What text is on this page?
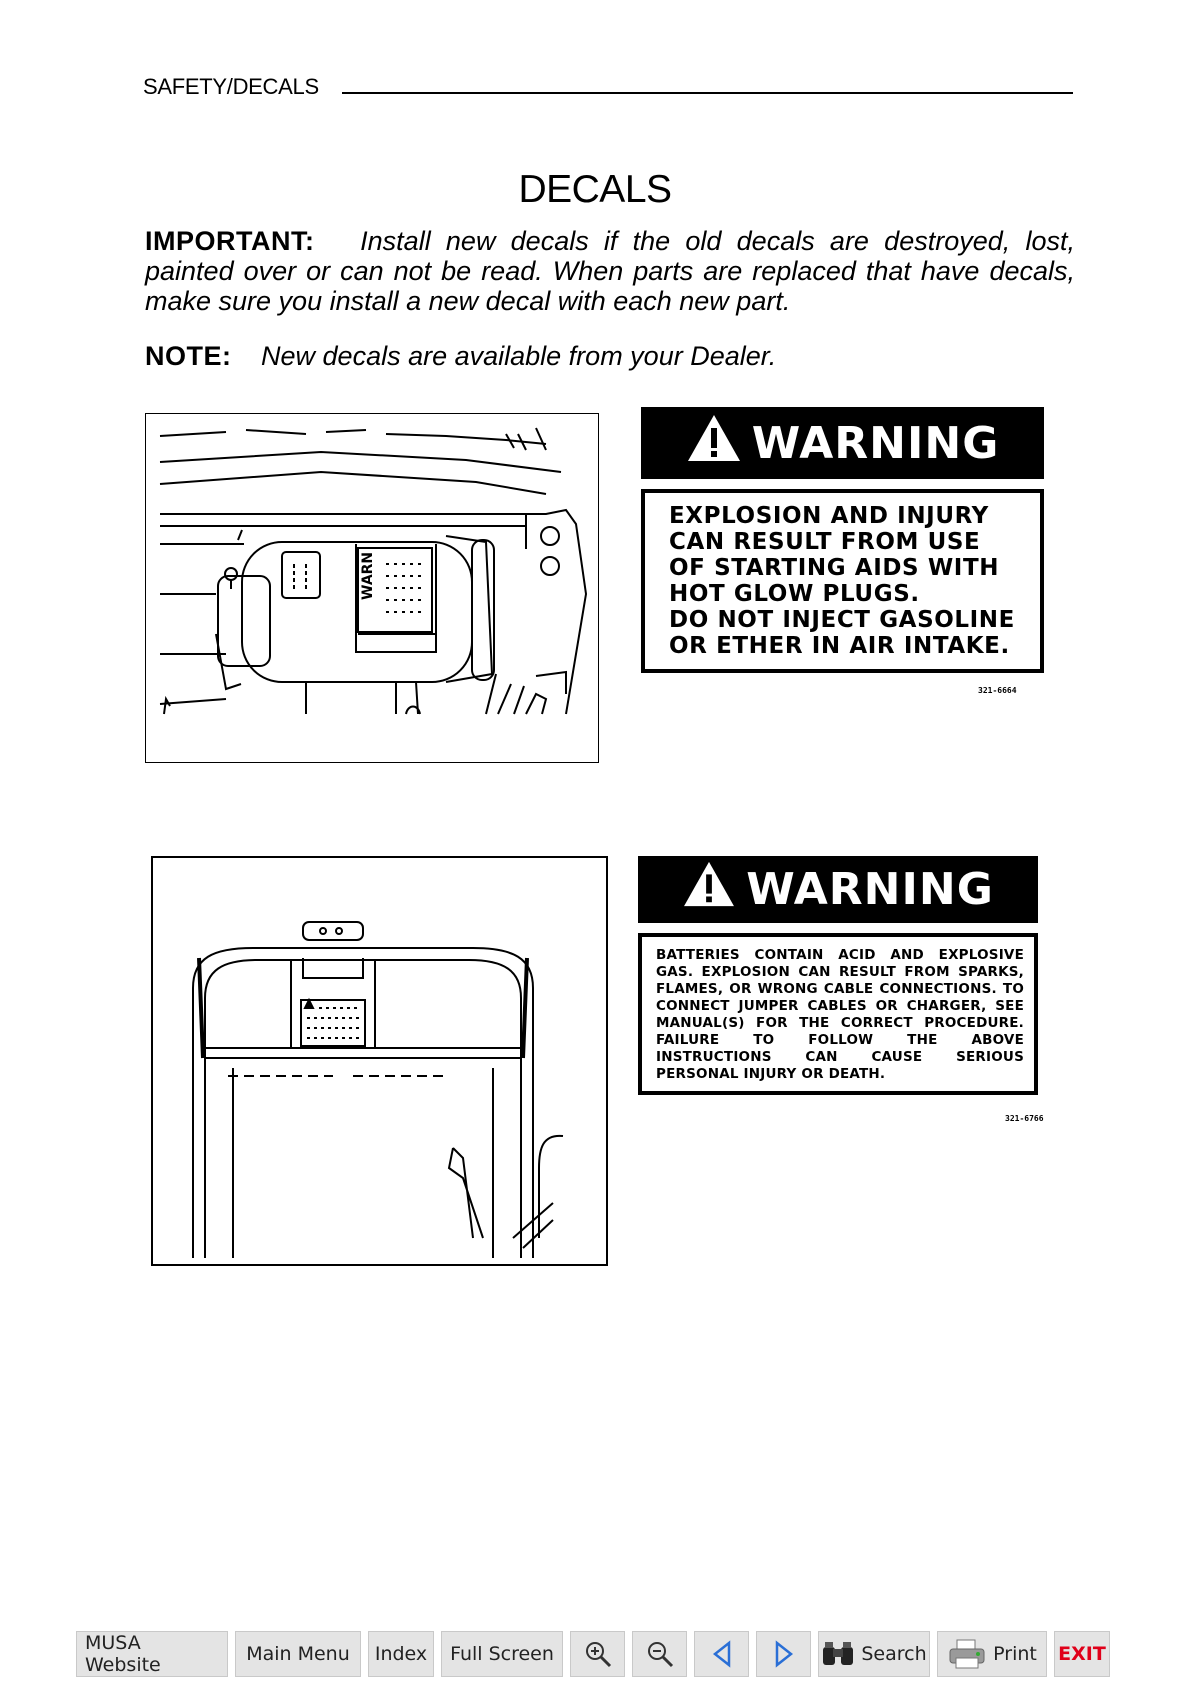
SAFETY/DECALS
DECALS
IMPORTANT: Install new decals if the old decals are destroyed, lost, painted over or can not be read. When parts are replaced that have decals, make sure you install a new decal with each new part.
NOTE: New decals are available from your Dealer.
WARN
WARNING
EXPLOSION AND INJURY
CAN RESULT FROM USE
OF STARTING AIDS WITH
HOT GLOW PLUGS.
DO NOT INJECT GASOLINE
OR ETHER IN AIR INTAKE.
321-6664
WARNING
BATTERIES CONTAIN ACID AND EXPLOSIVE GAS. EXPLOSION CAN RESULT FROM SPARKS, FLAMES, OR WRONG CABLE CONNECTIONS. TO CONNECT JUMPER CABLES OR CHARGER, SEE MANUAL(S) FOR THE CORRECT PROCEDURE. FAILURE TO FOLLOW THE ABOVE INSTRUCTIONS CAN CAUSE SERIOUS PERSONAL INJURY OR DEATH.
321-6766
MUSA Website	Main Menu	Index	Full Screen	Search	Print EXIT
